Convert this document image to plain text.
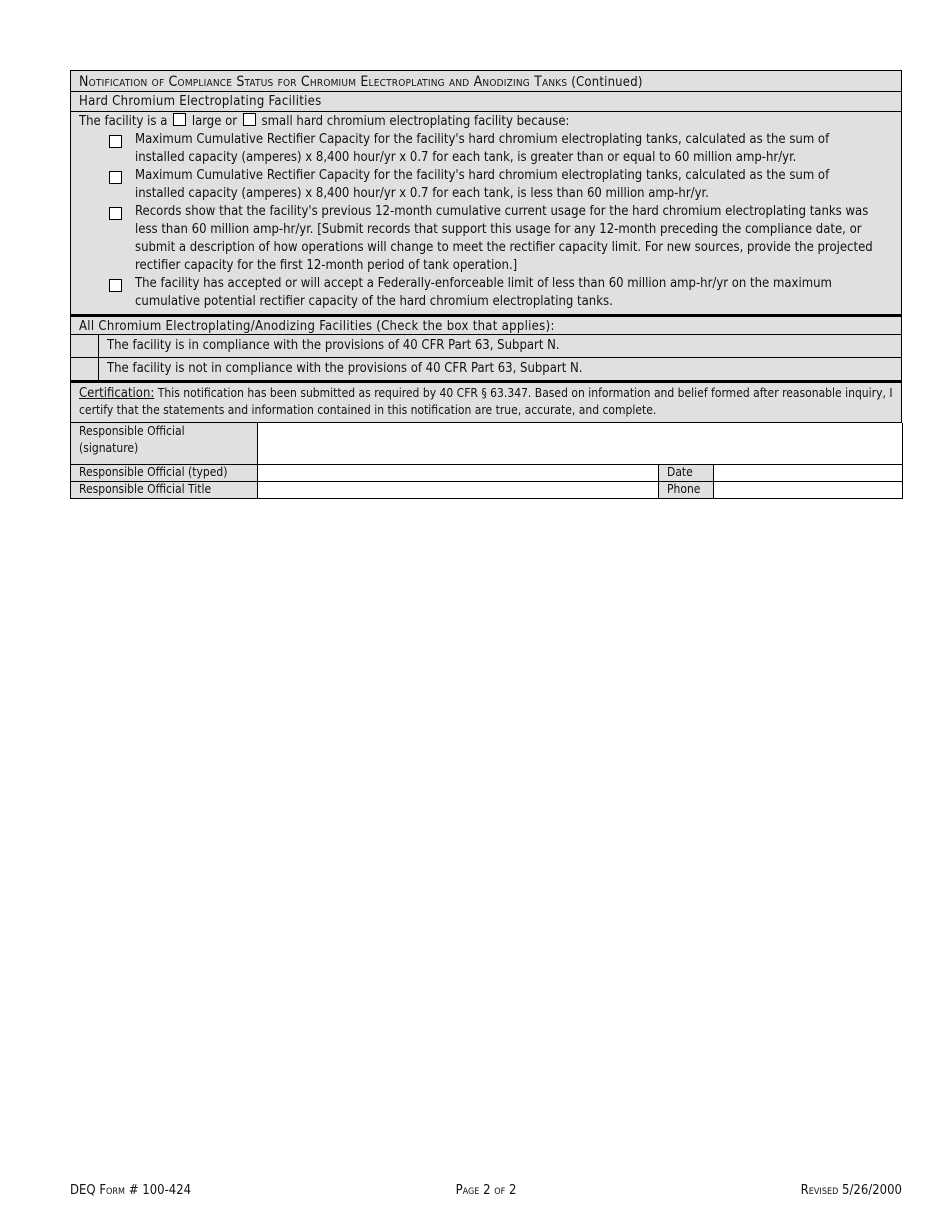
Notification of Compliance Status for Chromium Electroplating and Anodizing Tanks (Continued)
Hard Chromium Electroplating Facilities
The facility is a large or small hard chromium electroplating facility because:
Maximum Cumulative Rectifier Capacity for the facility's hard chromium electroplating tanks, calculated as the sum of installed capacity (amperes) x 8,400 hour/yr x 0.7 for each tank, is greater than or equal to 60 million amp-hr/yr.
Maximum Cumulative Rectifier Capacity for the facility's hard chromium electroplating tanks, calculated as the sum of installed capacity (amperes) x 8,400 hour/yr x 0.7 for each tank, is less than 60 million amp-hr/yr.
Records show that the facility's previous 12-month cumulative current usage for the hard chromium electroplating tanks was less than 60 million amp-hr/yr. [Submit records that support this usage for any 12-month preceding the compliance date, or submit a description of how operations will change to meet the rectifier capacity limit. For new sources, provide the projected rectifier capacity for the first 12-month period of tank operation.]
The facility has accepted or will accept a Federally-enforceable limit of less than 60 million amp-hr/yr on the maximum cumulative potential rectifier capacity of the hard chromium electroplating tanks.
All Chromium Electroplating/Anodizing Facilities (Check the box that applies):
The facility is in compliance with the provisions of 40 CFR Part 63, Subpart N.
The facility is not in compliance with the provisions of 40 CFR Part 63, Subpart N.
Certification: This notification has been submitted as required by 40 CFR § 63.347. Based on information and belief formed after reasonable inquiry, I certify that the statements and information contained in this notification are true, accurate, and complete.
Responsible Official
(signature)			
Responsible Official (typed)		Date	
Responsible Official Title		Phone	
DEQ Form # 100-424	Page 2 of 2	Revised 5/26/2000
